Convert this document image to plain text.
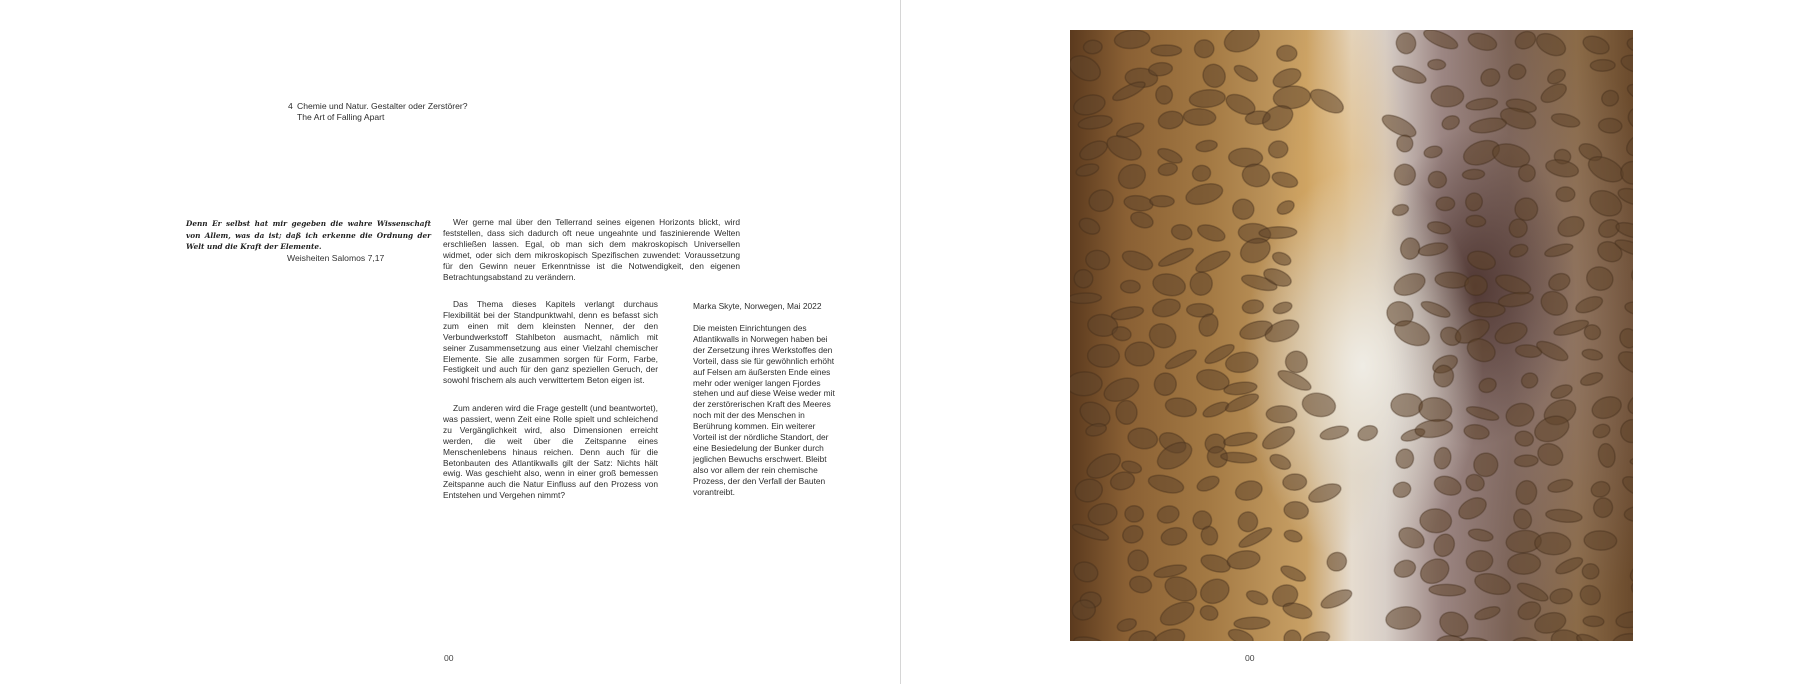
4 Chemie und Natur. Gestalter oder Zerstörer?
The Art of Falling Apart
Denn Er selbst hat mir gegeben die wahre Wissenschaft von Allem, was da ist; daß ich erkenne die Ordnung der Welt und die Kraft der Elemente.
Weisheiten Salomos 7,17

Wer gerne mal über den Tellerrand seines eigenen Horizonts blickt, wird feststellen, dass sich dadurch oft neue ungeahnte und faszinierende Welten erschließen lassen. Egal, ob man sich dem makroskopisch Universellen widmet, oder sich dem mikroskopisch Spezifischen zuwendet: Voraussetzung für den Gewinn neuer Erkenntnisse ist die Notwendigkeit, den eigenen Betrachtungsabstand zu verändern.

Das Thema dieses Kapitels verlangt durchaus Flexibilität bei der Standpunktwahl, denn es befasst sich zum einen mit dem kleinsten Nenner, der den Verbundwerkstoff Stahlbeton ausmacht, nämlich mit seiner Zusammensetzung aus einer Vielzahl chemischer Elemente. Sie alle zusammen sorgen für Form, Farbe, Festigkeit und auch für den ganz speziellen Geruch, der sowohl frischem als auch verwittertem Beton eigen ist.

Zum anderen wird die Frage gestellt (und beantwortet), was passiert, wenn Zeit eine Rolle spielt und schleichend zu Vergänglichkeit wird, also Dimensionen erreicht werden, die weit über die Zeitspanne eines Menschenlebens hinaus reichen. Denn auch für die Betonbauten des Atlantikwalls gilt der Satz: Nichts hält ewig. Was geschieht also, wenn in einer groß bemessen Zeitspanne auch die Natur Einfluss auf den Prozess von Entstehen und Vergehen nimmt?

Marka Skyte, Norwegen, Mai 2022

Die meisten Einrichtungen des Atlantikwalls in Norwegen haben bei der Zersetzung ihres Werkstoffes den Vorteil, dass sie für gewöhnlich erhöht auf Felsen am äußersten Ende eines mehr oder weniger langen Fjordes stehen und auf diese Weise weder mit der zerstörerischen Kraft des Meeres noch mit der des Menschen in Berührung kommen. Ein weiterer Vorteil ist der nördliche Standort, der eine Besiedelung der Bunker durch jeglichen Bewuchs erschwert. Bleibt also vor allem der rein chemische Prozess, der den Verfall der Bauten vorantreibt.

00	00
